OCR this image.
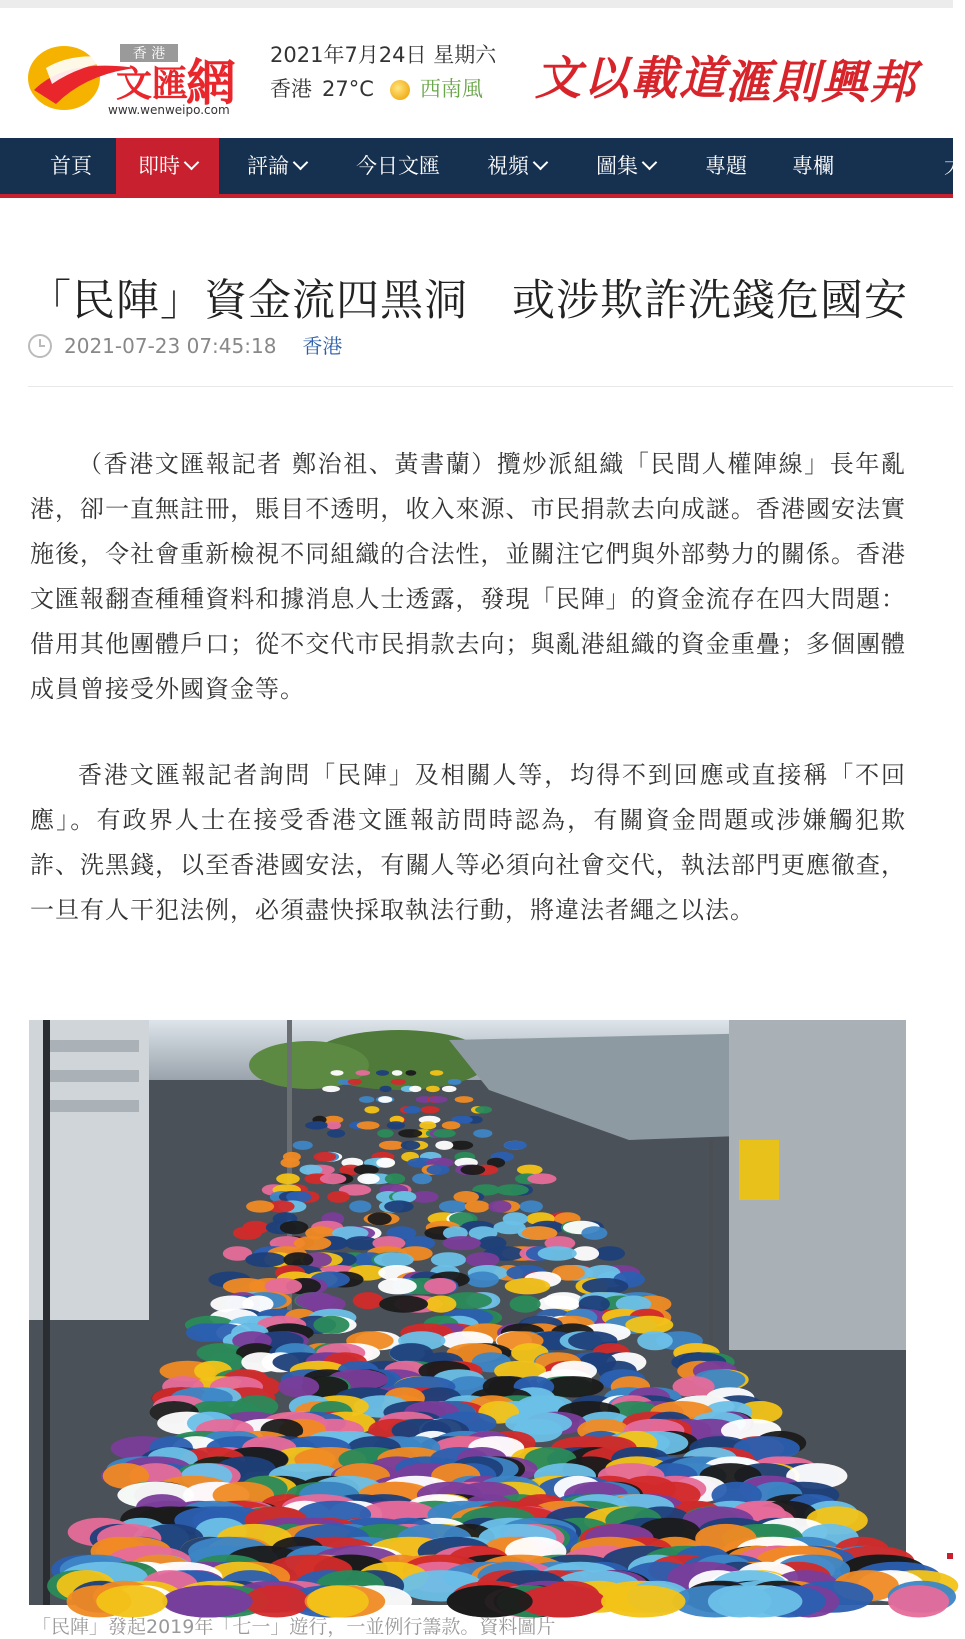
香 港
文匯
網
www.wenweipo.com
2021年7月24日 星期六
香港 27°C 西南風 文以載道
滙則興邦
首頁	即時	評論	今日文匯 視頻	圖集	專題 專欄	大
「民陣」資金流四黑洞　或涉欺詐洗錢危國安
2021-07-23 07:45:18 香港

（香港文匯報記者 鄭治祖、黃書蘭）攬炒派組織「民間人權陣線」長年亂港，卻一直無註冊，賬目不透明，收入來源、市民捐款去向成謎。香港國安法實施後，令社會重新檢視不同組織的合法性，並關注它們與外部勢力的關係。香港文匯報翻查種種資料和據消息人士透露，發現「民陣」的資金流存在四大問題：借用其他團體戶口；從不交代市民捐款去向；與亂港組織的資金重疊；多個團體成員曾接受外國資金等。

香港文匯報記者詢問「民陣」及相關人等，均得不到回應或直接稱「不回應」。有政界人士在接受香港文匯報訪問時認為，有關資金問題或涉嫌觸犯欺詐、洗黑錢，以至香港國安法，有關人等必須向社會交代，執法部門更應徹查，一旦有人干犯法例，必須盡快採取執法行動，將違法者繩之以法。

「民陣」發起2019年「七一」遊行，一並例行籌款。資料圖片
